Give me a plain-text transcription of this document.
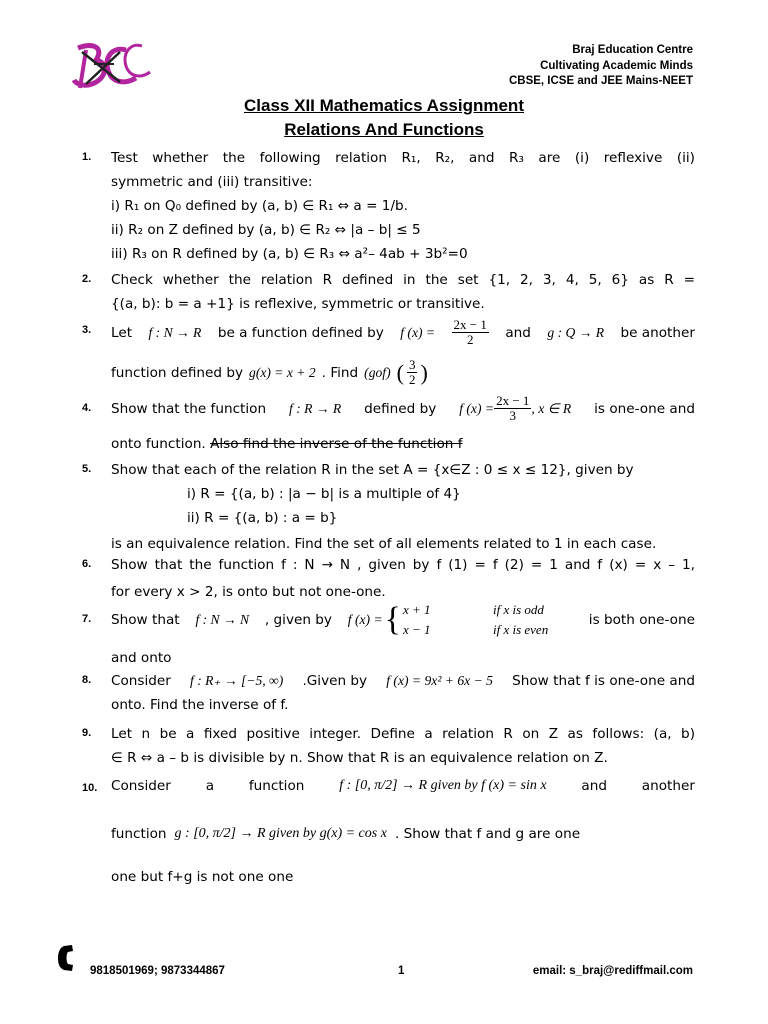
Braj Education Centre
Cultivating Academic Minds
CBSE, ICSE and JEE Mains-NEET
Class XII Mathematics Assignment
Relations And Functions
1.	Test whether the following relation R₁, R₂, and R₃ are (i) reflexive (ii)
symmetric and (iii) transitive:
i) R₁ on Q₀ defined by (a, b) ∈ R₁ ⇔ a = 1/b.
ii) R₂ on Z defined by (a, b) ∈ R₂ ⇔ |a – b| ≤ 5
iii) R₃ on R defined by (a, b) ∈ R₃ ⇔ a²– 4ab + 3b²=0
2.	Check whether the relation R defined in the set {1, 2, 3, 4, 5, 6} as R =
{(a, b): b = a +1} is reflexive, symmetric or transitive.
3.	Let f : N → R be a function defined by f $(x) = \frac{2x - 1}{2}$ and g : Q → R be another
function defined by g(x) = x + 2 . Find (gof) ( $\frac{3}{2}$ )
4.	Show that the function f : R → R defined by f $(x) = \frac{2x - 1}{3}$ , x ∈ R is one-one and
onto function. Also find the inverse of the function f
5.	Show that each of the relation R in the set A = {x∈Z : 0 ≤ x ≤ 12}, given by
i) R = {(a, b) : |a − b| is a multiple of 4}
ii) R = {(a, b) : a = b}
is an equivalence relation. Find the set of all elements related to 1 in each case.
6.	Show that the function f : N → N , given by f (1) = f (2) = 1 and f (x) = x – 1,
for every x > 2, is onto but not one-one.
7.	Show that f : N → N , given by f (x) = { x + 1	if x is odd
x − 1	if x is even
is both one-one
and onto
8.	Consider f : R₊ → [−5, ∞) .Given by f (x) = 9x² + 6x − 5 Show that f is one-one and
onto. Find the inverse of f.
9.	Let n be a fixed positive integer. Define a relation R on Z as follows: (a, b)
∈ R ⇔ a – b is divisible by n. Show that R is an equivalence relation on Z.
10.	Consider	a	function f : [0, π/2] → R given by f (x) = sin x	and	another
function g : [0, π/2] → R given by g(x) = cos x . Show that f and g are one
one but f+g is not one one
9818501969; 9873344867	1	email: s_braj@rediffmail.com
